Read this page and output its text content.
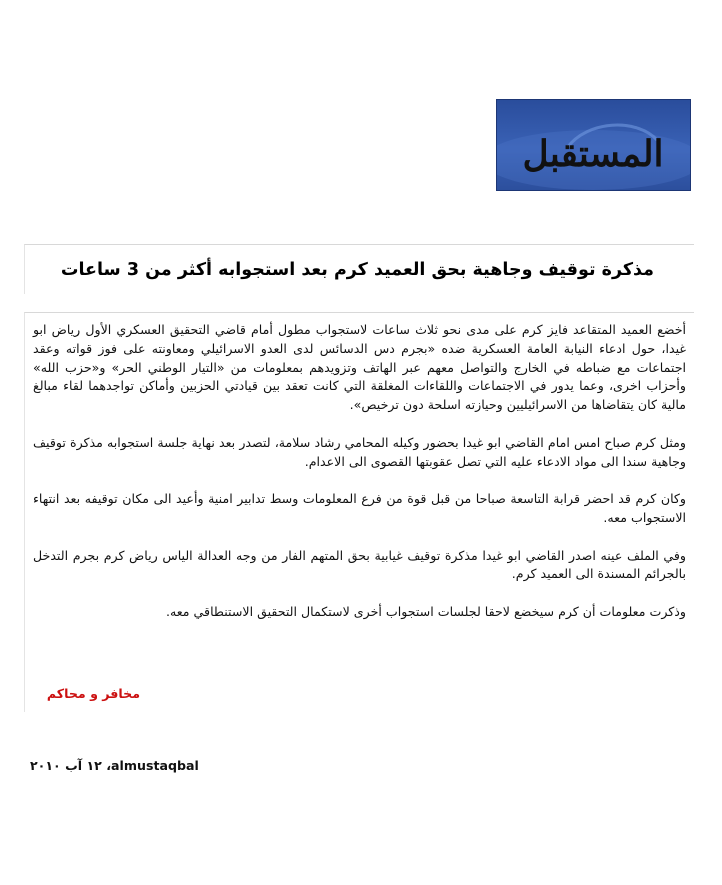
المستقبل
مذكرة توقيف وجاهية بحق العميد كرم بعد استجوابه أكثر من 3 ساعات

أخضع العميد المتقاعد فايز كرم على مدى نحو ثلاث ساعات لاستجواب مطول أمام قاضي التحقيق العسكري الأول رياض ابو غيدا، حول ادعاء النيابة العامة العسكرية ضده «بجرم دس الدسائس لدى العدو الاسرائيلي ومعاونته على فوز قواته وعقد اجتماعات مع ضباطه في الخارج والتواصل معهم عبر الهاتف وتزويدهم بمعلومات من «التيار الوطني الحر» و«حزب الله» وأحزاب اخرى، وعما يدور في الاجتماعات واللقاءات المغلقة التي كانت تعقد بين قيادتي الحزبين وأماكن تواجدهما لقاء مبالغ مالية كان يتقاضاها من الاسرائيليين وحيازته اسلحة دون ترخيص».

ومثل كرم صباح امس امام القاضي ابو غيدا بحضور وكيله المحامي رشاد سلامة، لتصدر بعد نهاية جلسة استجوابه مذكرة توقيف وجاهية سندا الى مواد الادعاء عليه التي تصل عقوبتها القصوى الى الاعدام.

وكان كرم قد احضر قرابة التاسعة صباحا من قبل قوة من فرع المعلومات وسط تدابير امنية وأعيد الى مكان توقيفه بعد انتهاء الاستجواب معه.

وفي الملف عينه اصدر القاضي ابو غيدا مذكرة توقيف غيابية بحق المتهم الفار من وجه العدالة الياس رياض كرم بجرم التدخل بالجرائم المسندة الى العميد كرم.

وذكرت معلومات أن كرم سيخضع لاحقا لجلسات استجواب أخرى لاستكمال التحقيق الاستنطاقي معه.

مخافر و محاكم
almustaqbal، ١٢ آب ٢٠١٠
